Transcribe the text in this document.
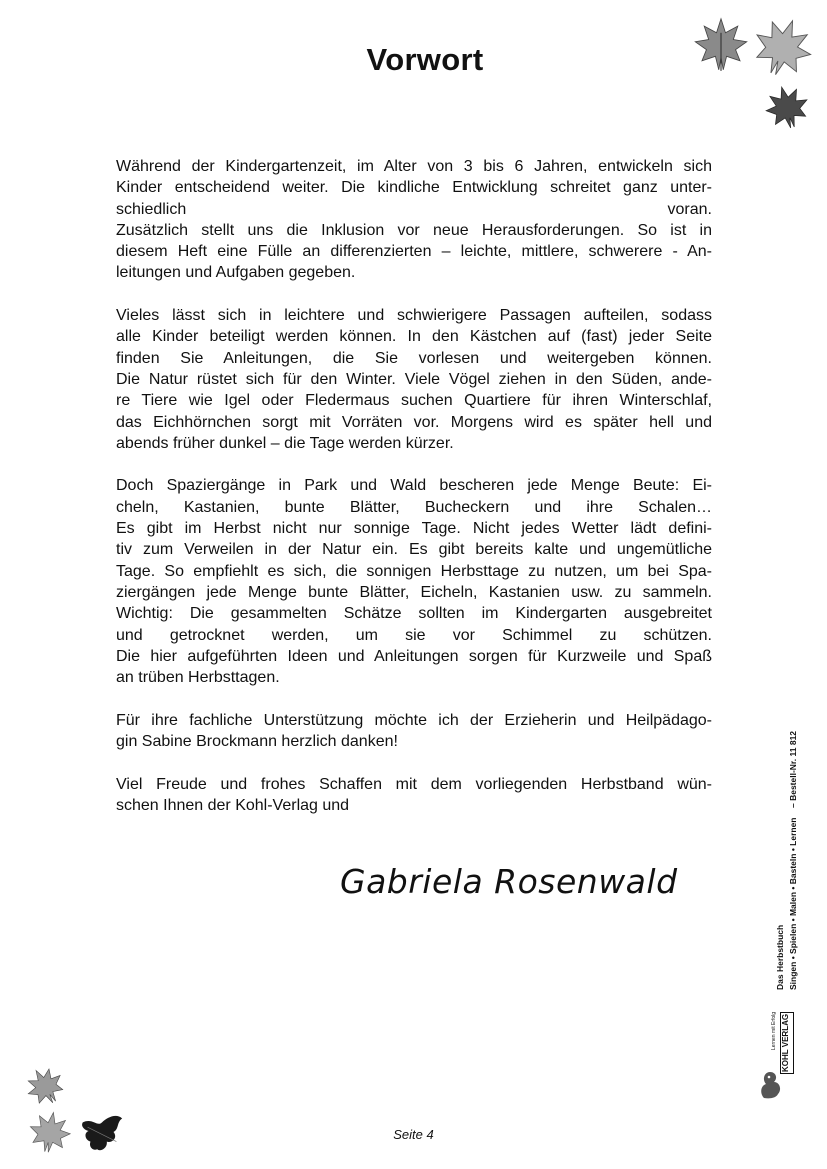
Vorwort
Während der Kindergartenzeit, im Alter von 3 bis 6 Jahren, entwickeln sich
Kinder entscheidend weiter. Die kindliche Entwicklung schreitet ganz unter-
schiedlich voran.
Zusätzlich stellt uns die Inklusion vor neue Herausforderungen. So ist in
diesem Heft eine Fülle an differenzierten – leichte, mittlere, schwerere - An-
leitungen und Aufgaben gegeben.
Vieles lässt sich in leichtere und schwierigere Passagen aufteilen, sodass
alle Kinder beteiligt werden können. In den Kästchen auf (fast) jeder Seite
finden Sie Anleitungen, die Sie vorlesen und weitergeben können.
Die Natur rüstet sich für den Winter. Viele Vögel ziehen in den Süden, ande-
re Tiere wie Igel oder Fledermaus suchen Quartiere für ihren Winterschlaf,
das Eichhörnchen sorgt mit Vorräten vor. Morgens wird es später hell und
abends früher dunkel – die Tage werden kürzer.
Doch Spaziergänge in Park und Wald bescheren jede Menge Beute: Ei-
cheln, Kastanien, bunte Blätter, Bucheckern und ihre Schalen…
Es gibt im Herbst nicht nur sonnige Tage. Nicht jedes Wetter lädt defini-
tiv zum Verweilen in der Natur ein. Es gibt bereits kalte und ungemütliche
Tage. So empfiehlt es sich, die sonnigen Herbsttage zu nutzen, um bei Spa-
ziergängen jede Menge bunte Blätter, Eicheln, Kastanien usw. zu sammeln.
Wichtig: Die gesammelten Schätze sollten im Kindergarten ausgebreitet
und getrocknet werden, um sie vor Schimmel zu schützen.
Die hier aufgeführten Ideen und Anleitungen sorgen für Kurzweile und Spaß
an trüben Herbsttagen.
Für ihre fachliche Unterstützung möchte ich der Erzieherin und Heilpädago-
gin Sabine Brockmann herzlich danken!
Viel Freude und frohes Schaffen mit dem vorliegenden Herbstband wün-
schen Ihnen der Kohl-Verlag und
Gabriela Rosenwald
Seite 4
Das Herbstbuch Singen • Spielen • Malen • Basteln • Lernen
– Bestell-Nr. 11 812
KOHL VERLAG
Lernen mit Erfolg
